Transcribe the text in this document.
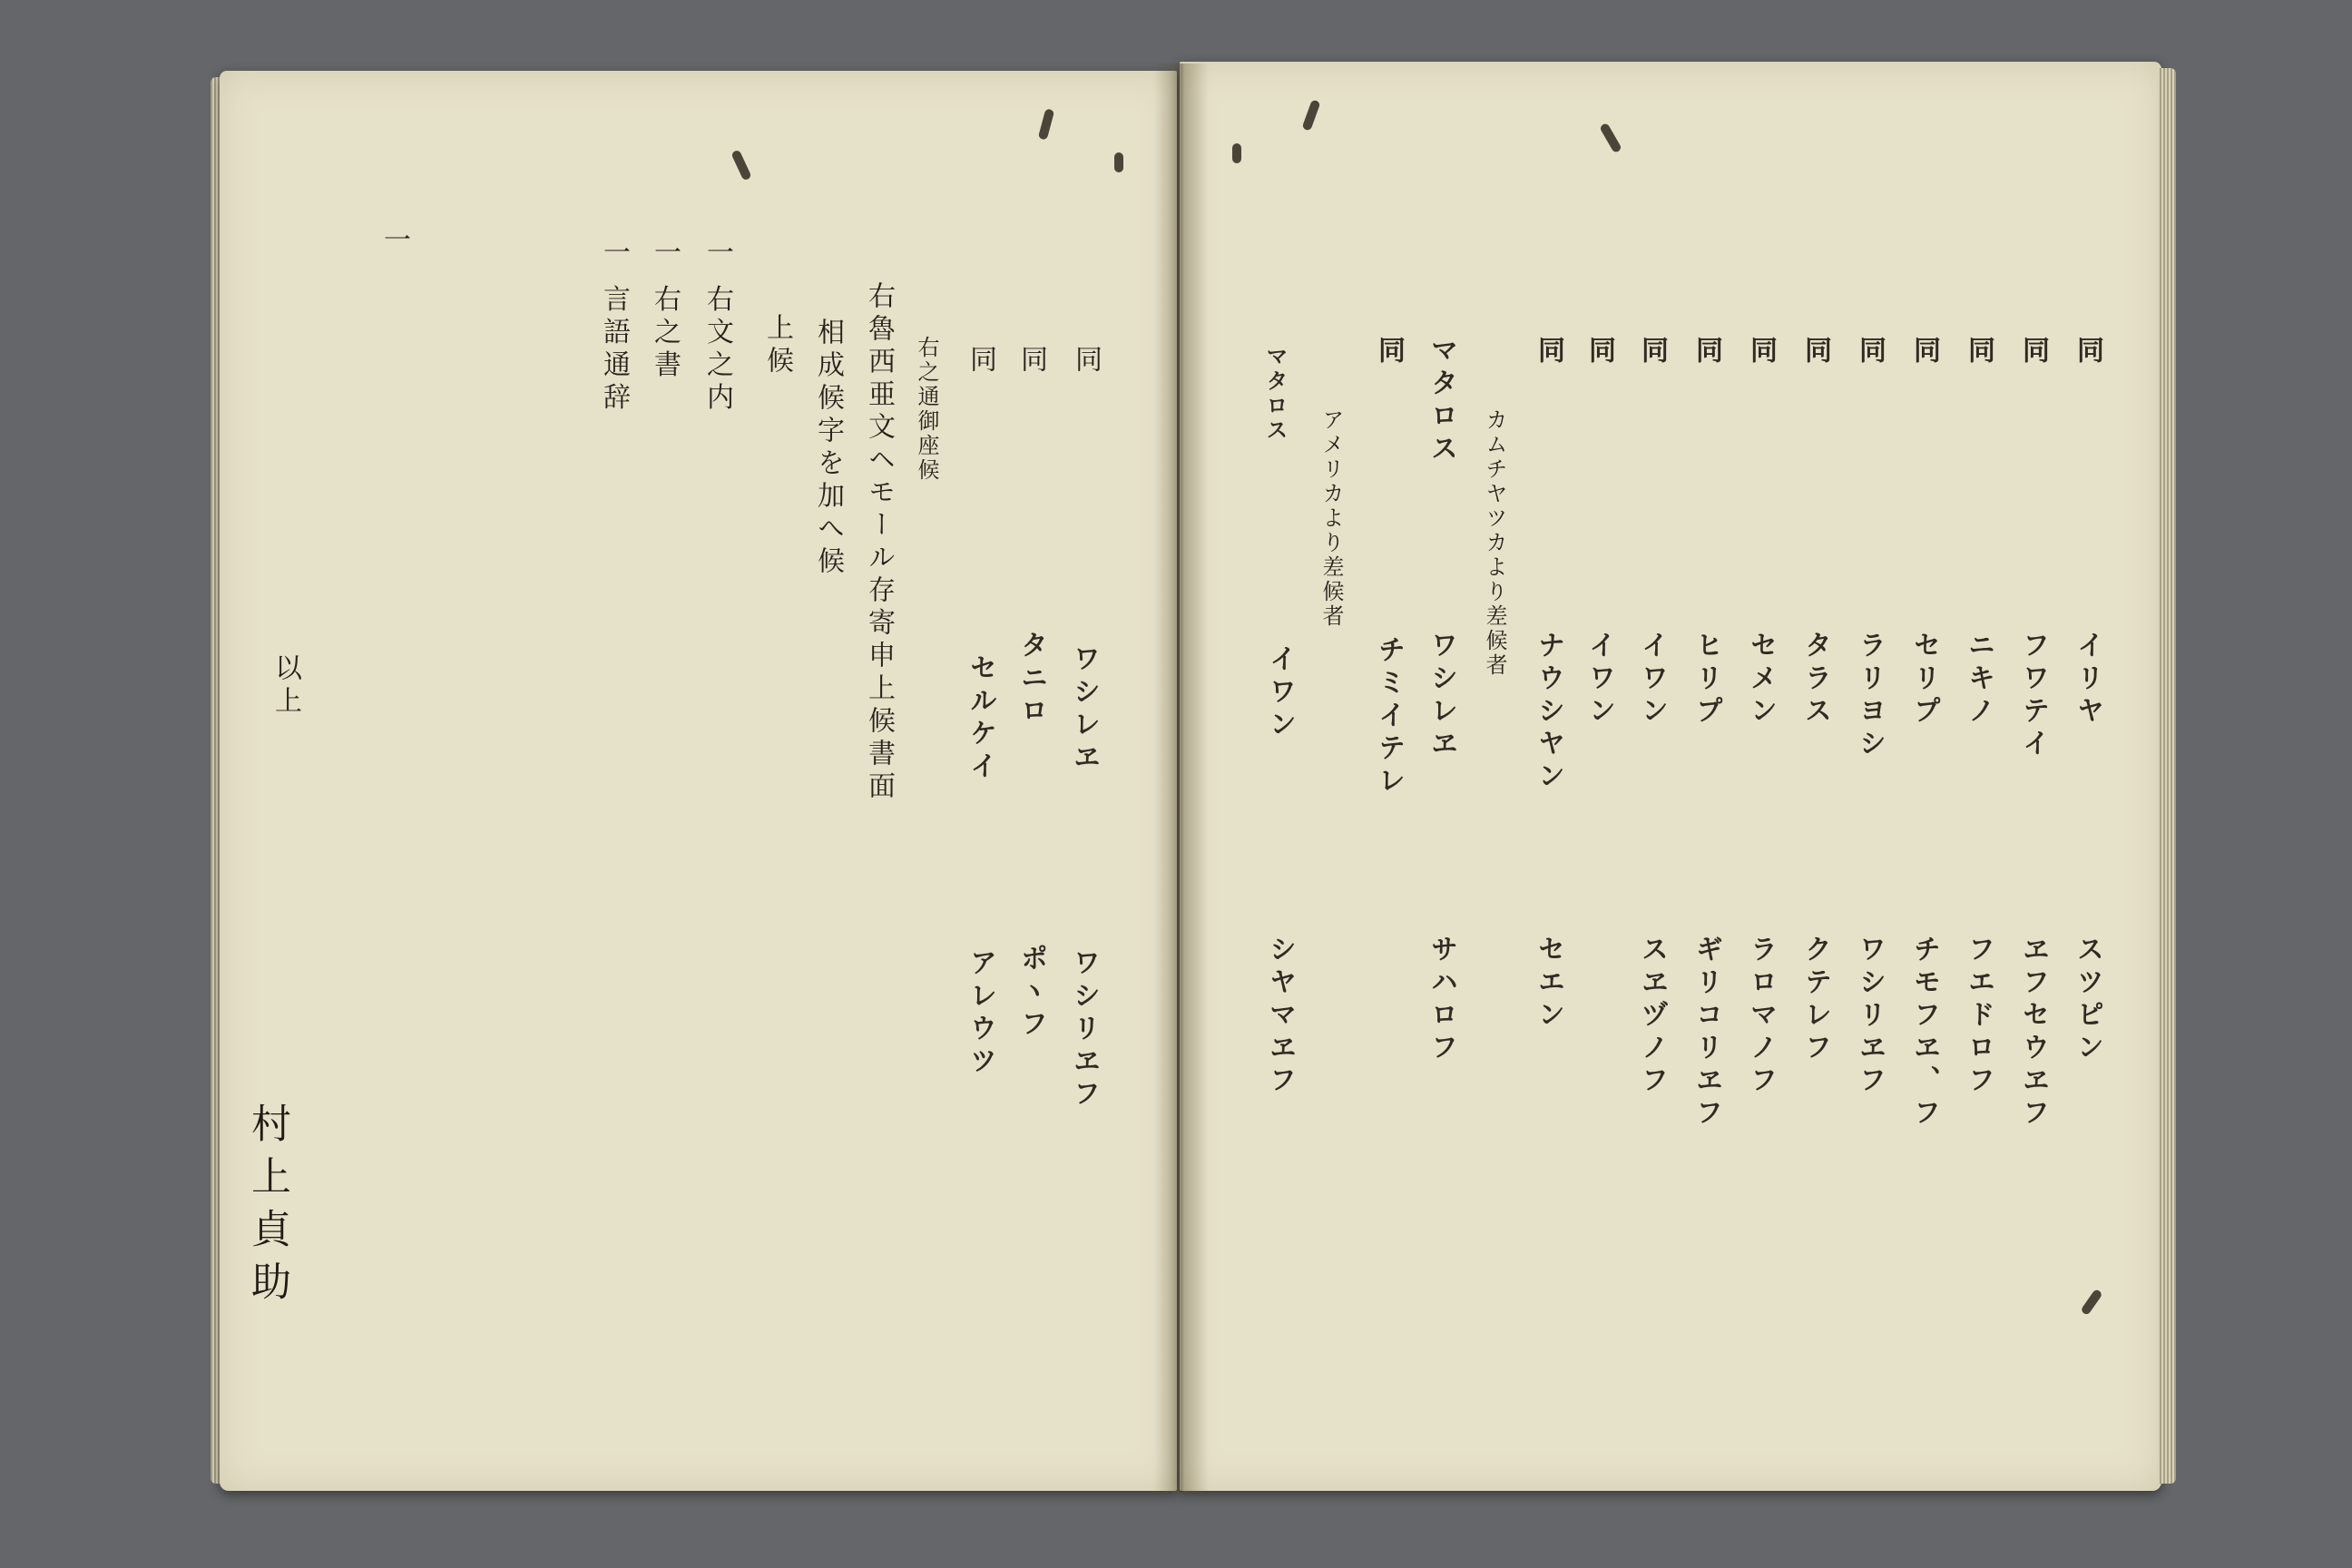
同
同
同
右之通御座候
ワシレヱ
タニロ
セルケイ
ワシリヱフ
ポヽフ
アレウツ
右魯西亜文ヘモール存寄申上候書面
相成候字を加へ候
上候
一 右文之内
一 右之書
一 言語通辞
一
以上
村上貞助
同
イリヤ
スツピン
同
フワテイ
ヱフセウヱフ
同
ニキノ
フエドロフ
同
セリプ
チモフヱ、フ
同
ラリヨシ
ワシリヱフ
同
タラス
クテレフ
同
セメン
ラロマノフ
同
ヒリプ
ギリコリヱフ
同
イワン
スヱヅノフ
同
イワン
同
ナウシヤン
セエン
カムチヤツカより差候者
マタロス
ワシレヱ
サハロフ
同
チミイテレ
アメリカより差候者
マタロス
イワン
シヤマヱフ
